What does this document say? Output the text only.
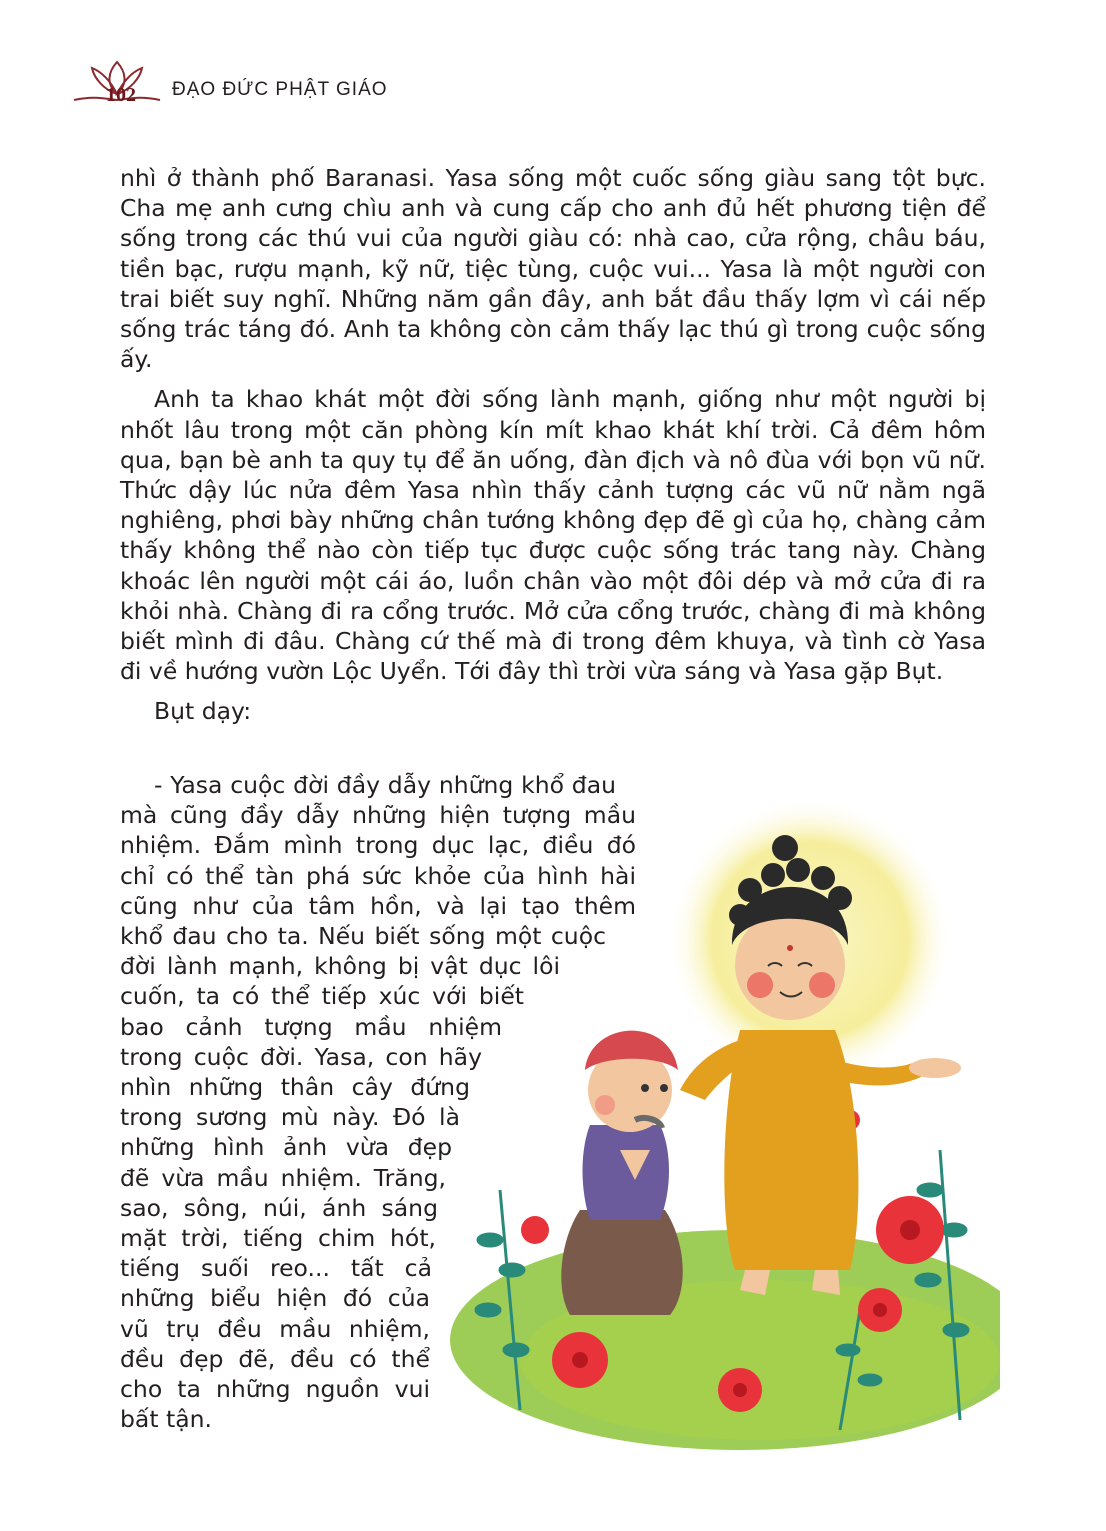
102	ĐẠO ĐỨC PHẬT GIÁO

nhì ở thành phố Baranasi. Yasa sống một cuốc sống giàu sang tột bực. Cha mẹ anh cưng chìu anh và cung cấp cho anh đủ hết phương tiện để sống trong các thú vui của người giàu có: nhà cao, cửa rộng, châu báu, tiền bạc, rượu mạnh, kỹ nữ, tiệc tùng, cuộc vui... Yasa là một người con trai biết suy nghĩ. Những năm gần đây, anh bắt đầu thấy lợm vì cái nếp sống trác táng đó. Anh ta không còn cảm thấy lạc thú gì trong cuộc sống ấy.

Anh ta khao khát một đời sống lành mạnh, giống như một người bị nhốt lâu trong một căn phòng kín mít khao khát khí trời. Cả đêm hôm qua, bạn bè anh ta quy tụ để ăn uống, đàn địch và nô đùa với bọn vũ nữ. Thức dậy lúc nửa đêm Yasa nhìn thấy cảnh tượng các vũ nữ nằm ngã nghiêng, phơi bày những chân tướng không đẹp đẽ gì của họ, chàng cảm thấy không thể nào còn tiếp tục được cuộc sống trác tang này. Chàng khoác lên người một cái áo, luồn chân vào một đôi dép và mở cửa đi ra khỏi nhà. Chàng đi ra cổng trước. Mở cửa cổng trước, chàng đi mà không biết mình đi đâu. Chàng cứ thế mà đi trong đêm khuya, và tình cờ Yasa đi về hướng vườn Lộc Uyển. Tới đây thì trời vừa sáng và Yasa gặp Bụt.

Bụt dạy:

- Yasa cuộc đời đầy dẫy những khổ đau

mà cũng đầy dẫy những hiện tượng mầu
nhiệm. Đắm mình trong dục lạc, điều đó
chỉ có thể tàn phá sức khỏe của hình hài
cũng như của tâm hồn, và lại tạo thêm
khổ đau cho ta. Nếu biết sống một cuộc
đời lành mạnh, không bị vật dục lôi
cuốn, ta có thể tiếp xúc với biết
bao cảnh tượng mầu nhiệm
trong cuộc đời. Yasa, con hãy
nhìn những thân cây đứng
trong sương mù này. Đó là
những hình ảnh vừa đẹp
đẽ vừa mầu nhiệm. Trăng,
sao, sông, núi, ánh sáng
mặt trời, tiếng chim hót,
tiếng suối reo... tất cả
những biểu hiện đó của
vũ trụ đều mầu nhiệm,
đều đẹp đẽ, đều có thể
cho ta những nguồn vui
bất tận.
